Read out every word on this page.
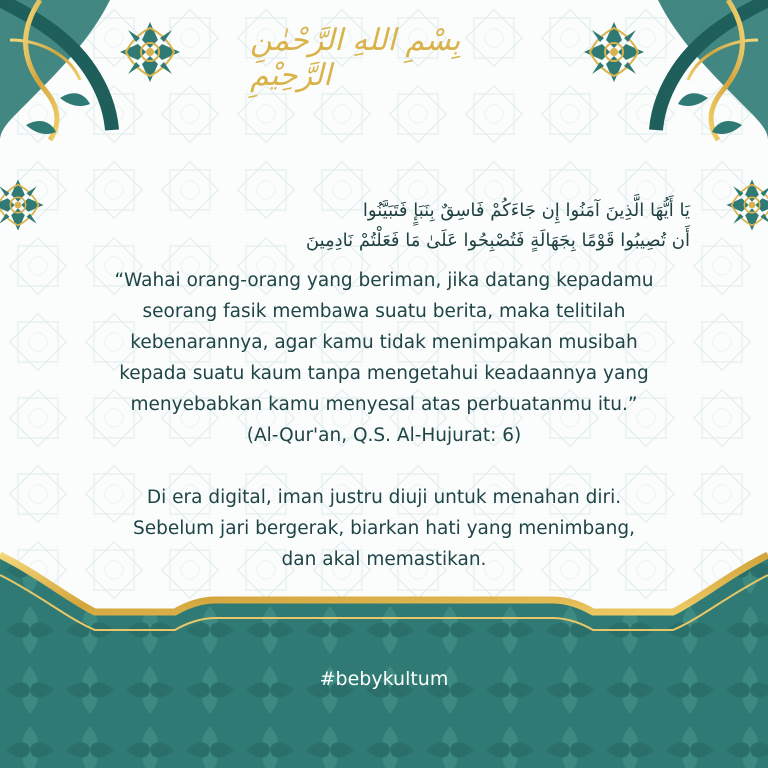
بِسْمِ اللهِ الرَّحْمٰنِ الرَّحِيْمِ
يَا أَيُّهَا الَّذِينَ آمَنُوا إِن جَاءَكُمْ فَاسِقٌ بِنَبَإٍ فَتَبَيَّنُوا
أَن تُصِيبُوا قَوْمًا بِجَهَالَةٍ فَتُصْبِحُوا عَلَىٰ مَا فَعَلْتُمْ نَادِمِينَ
“Wahai orang-orang yang beriman, jika datang kepadamu
seorang fasik membawa suatu berita, maka telitilah
kebenarannya, agar kamu tidak menimpakan musibah
kepada suatu kaum tanpa mengetahui keadaannya yang
menyebabkan kamu menyesal atas perbuatanmu itu.”
(Al-Qur'an, Q.S. Al-Hujurat: 6)
Di era digital, iman justru diuji untuk menahan diri.
Sebelum jari bergerak, biarkan hati yang menimbang,
dan akal memastikan.
#bebykultum
